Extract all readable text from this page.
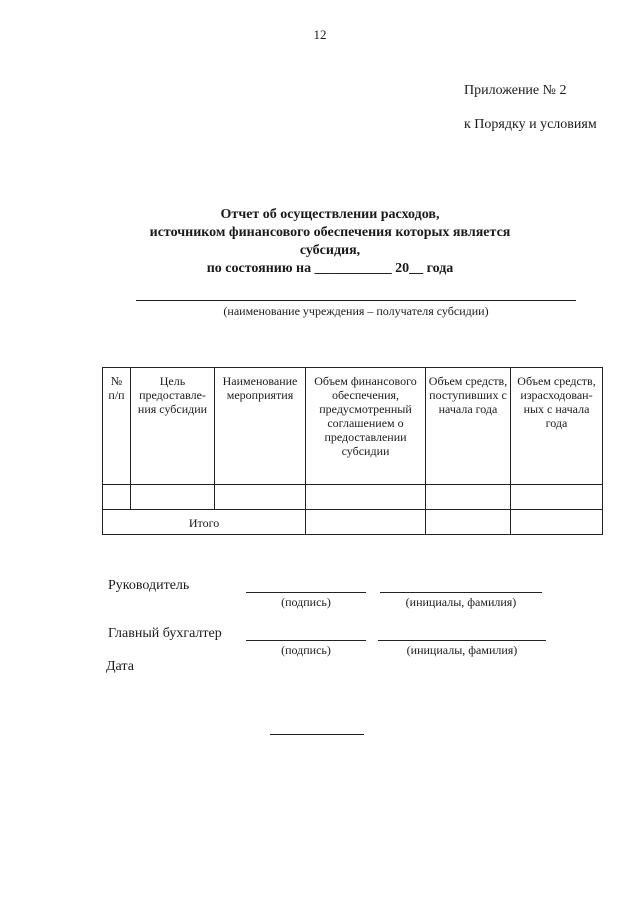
12
Приложение № 2
к Порядку и условиям
Отчет об осуществлении расходов,
источником финансового обеспечения которых является
субсидия,
по состоянию на ___________ 20__ года
(наименование учреждения – получателя субсидии)
№ п/п	Цель предоставле- ния субсидии	Наименование мероприятия	Объем финансового обеспечения, предусмотренный соглашением о предоставлении субсидии	Объем средств, поступивших с начала года	Объем средств, израсходован- ных с начала года

Итого					
Руководитель
(подпись)	(инициалы, фамилия)
Главный бухгалтер
(подпись)	(инициалы, фамилия)
Дата
